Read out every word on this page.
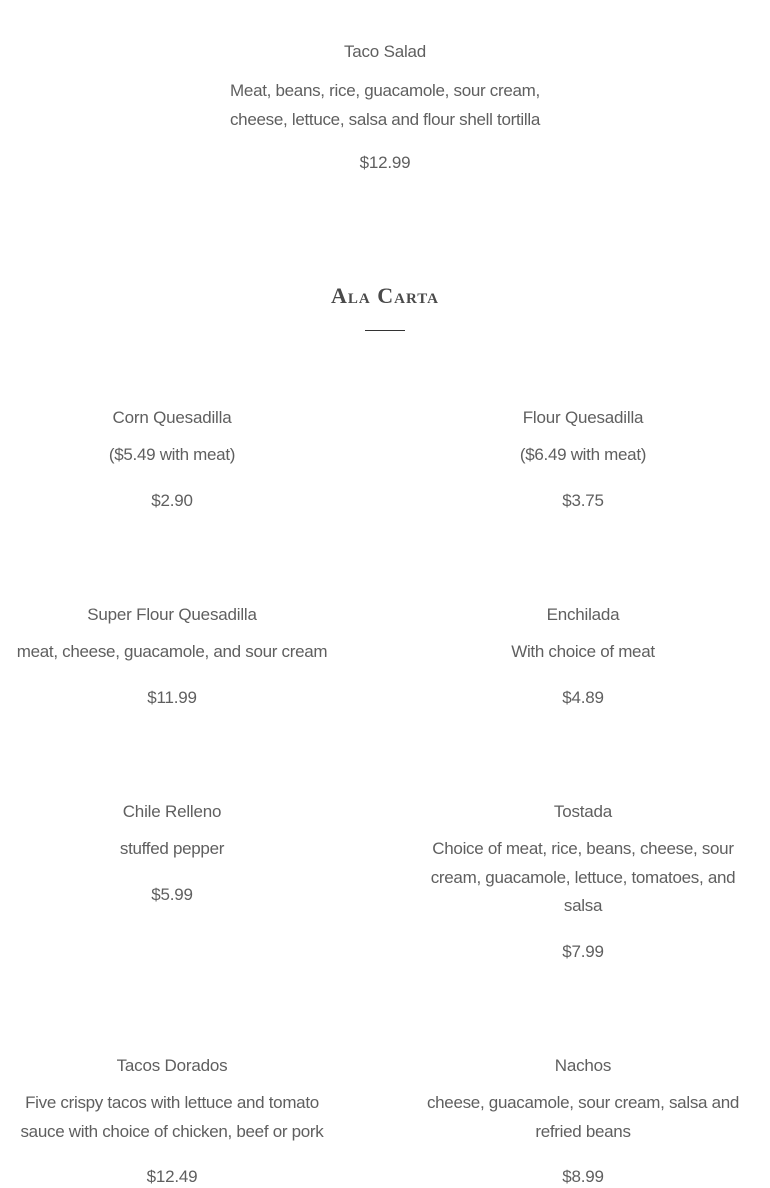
Taco Salad

Meat, beans, rice, guacamole, sour cream,

cheese, lettuce, salsa and flour shell tortilla

$12.99

Ala Carta

Corn Quesadilla

($5.49 with meat)

$2.90

Flour Quesadilla

($6.49 with meat)

$3.75

Super Flour Quesadilla

meat, cheese, guacamole, and sour cream

$11.99

Enchilada

With choice of meat

$4.89

Chile Relleno

stuffed pepper

$5.99

Tostada

Choice of meat, rice, beans, cheese, sour

cream, guacamole, lettuce, tomatoes, and

salsa

$7.99

Tacos Dorados

Five crispy tacos with lettuce and tomato

sauce with choice of chicken, beef or pork

$12.49

Nachos

cheese, guacamole, sour cream, salsa and

refried beans

$8.99
